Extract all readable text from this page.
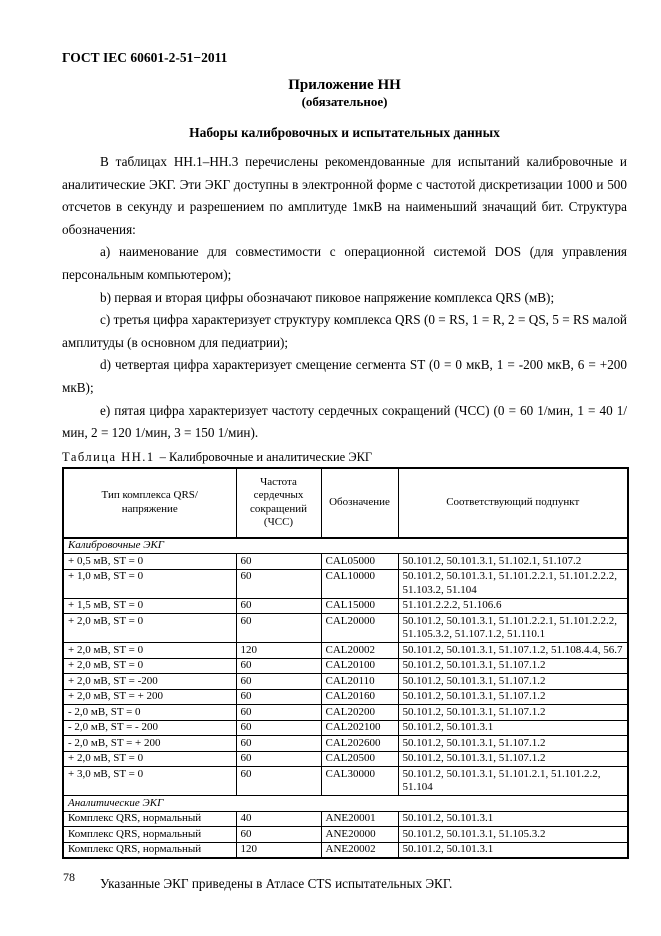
ГОСТ IEC 60601-2-51−2011
Приложение НН
(обязательное)
Наборы калибровочных и испытательных данных

В таблицах НН.1–НН.3 перечислены рекомендованные для испытаний калибровочные и аналитические ЭКГ. Эти ЭКГ доступны в электронной форме с частотой дискретизации 1000 и 500 отсчетов в секунду и разрешением по амплитуде 1мкВ на наименьший значащий бит. Структура обозначения:

a) наименование для совместимости с операционной системой DOS (для управления персональным компьютером);

b) первая и вторая цифры обозначают пиковое напряжение комплекса QRS (мВ);

c) третья цифра характеризует структуру комплекса QRS (0 = RS, 1 = R, 2 = QS, 5 = RS малой амплитуды (в основном для педиатрии);

d) четвертая цифра характеризует смещение сегмента ST (0 = 0 мкВ, 1 = -200 мкВ, 6 = +200 мкВ);

e) пятая цифра характеризует частоту сердечных сокращений (ЧСС) (0 = 60 1/мин, 1 = 40 1/мин, 2 = 120 1/мин, 3 = 150 1/мин).

Таблица НН.1 – Калибровочные и аналитические ЭКГ
Тип комплекса QRS/ напряжение	Частота сердечных сокращений (ЧСС)	Обозначение	Соответствующий подпункт
Калибровочные ЭКГ			
+ 0,5 мВ, ST = 0	60	CAL05000	50.101.2, 50.101.3.1, 51.102.1, 51.107.2
+ 1,0 мВ, ST = 0	60	CAL10000	50.101.2, 50.101.3.1, 51.101.2.2.1, 51.101.2.2.2, 51.103.2, 51.104
+ 1,5 мВ, ST = 0	60	CAL15000	51.101.2.2.2, 51.106.6
+ 2,0 мВ, ST = 0	60	CAL20000	50.101.2, 50.101.3.1, 51.101.2.2.1, 51.101.2.2.2, 51.105.3.2, 51.107.1.2, 51.110.1
+ 2,0 мВ, ST = 0	120	CAL20002	50.101.2, 50.101.3.1, 51.107.1.2, 51.108.4.4, 56.7
+ 2,0 мВ, ST = 0	60	CAL20100	50.101.2, 50.101.3.1, 51.107.1.2
+ 2,0 мВ, ST = -200	60	CAL20110	50.101.2, 50.101.3.1, 51.107.1.2
+ 2,0 мВ, ST = + 200	60	CAL20160	50.101.2, 50.101.3.1, 51.107.1.2
- 2,0 мВ, ST = 0	60	CAL20200	50.101.2, 50.101.3.1, 51.107.1.2
- 2,0 мВ, ST = - 200	60	CAL202100	50.101.2, 50.101.3.1
- 2,0 мВ, ST = + 200	60	CAL202600	50.101.2, 50.101.3.1, 51.107.1.2
+ 2,0 мВ, ST = 0	60	CAL20500	50.101.2, 50.101.3.1, 51.107.1.2
+ 3,0 мВ, ST = 0	60	CAL30000	50.101.2, 50.101.3.1, 51.101.2.1, 51.101.2.2, 51.104
Аналитические ЭКГ			
Комплекс QRS, нормальный	40	ANE20001	50.101.2, 50.101.3.1
Комплекс QRS, нормальный	60	ANE20000	50.101.2, 50.101.3.1, 51.105.3.2
Комплекс QRS, нормальный	120	ANE20002	50.101.2, 50.101.3.1

Указанные ЭКГ приведены в Атласе CTS испытательных ЭКГ.

78
